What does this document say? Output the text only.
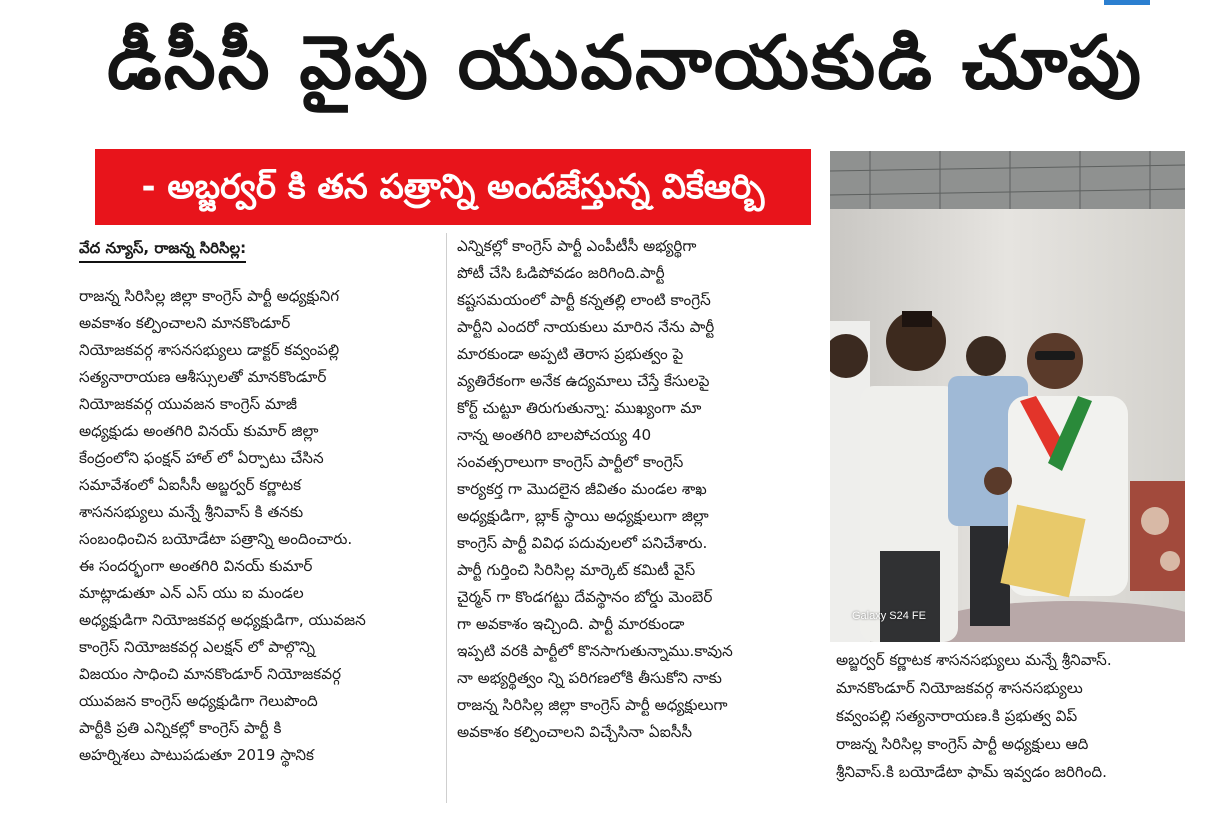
డీసీసీ వైపు యువనాయకుడి చూపు
- అబ్జర్వర్ కి తన పత్రాన్ని అందజేస్తున్న వికేఆర్బి
వేద న్యూస్, రాజన్న సిరిసిల్ల:

రాజన్న సిరిసిల్ల జిల్లా కాంగ్రెస్ పార్టీ అధ్యక్షునిగ

అవకాశం కల్పించాలని మానకొండూర్

నియోజకవర్గ శాసనసభ్యులు డాక్టర్ కవ్వంపల్లి

సత్యనారాయణ ఆశీస్సులతో మానకొండూర్

నియోజకవర్గ యువజన కాంగ్రెస్ మాజీ

అధ్యక్షుడు అంతగిరి వినయ్ కుమార్ జిల్లా

కేంద్రంలోని ఫంక్షన్ హాల్ లో ఏర్పాటు చేసిన

సమావేశంలో ఏఐసీసీ అబ్జర్వర్ కర్ణాటక

శాసనసభ్యులు మన్నే శ్రీనివాస్ కి తనకు

సంబంధించిన బయోడేటా పత్రాన్ని అందించారు.

ఈ సందర్భంగా అంతగిరి వినయ్ కుమార్

మాట్లాడుతూ ఎన్ ఎస్ యు ఐ మండల

అధ్యక్షుడిగా నియోజకవర్గ అధ్యక్షుడిగా, యువజన

కాంగ్రెస్ నియోజకవర్గ ఎలక్షన్ లో పాల్గొన్ని

విజయం సాధించి మానకొండూర్ నియోజకవర్గ

యువజన కాంగ్రెస్ అధ్యక్షుడిగా గెలుపొంది

పార్టీకి ప్రతి ఎన్నికల్లో కాంగ్రెస్ పార్టీ కి

అహర్నిశలు పాటుపడుతూ 2019 స్థానిక

ఎన్నికల్లో కాంగ్రెస్ పార్టీ ఎంపీటీసీ అభ్యర్థిగా

పోటీ చేసి ఓడిపోవడం జరిగింది.పార్టీ

కష్టసమయంలో పార్టీ కన్నతల్లి లాంటి కాంగ్రెస్

పార్టీని ఎందరో నాయకులు మారిన నేను పార్టీ

మారకుండా అప్పటి తెరాస ప్రభుత్వం పై

వ్యతిరేకంగా అనేక ఉద్యమాలు చేస్తే కేసులపై

కోర్ట్ చుట్టూ తిరుగుతున్నా: ముఖ్యంగా మా

నాన్న అంతగిరి బాలపోచయ్య 40

సంవత్సరాలుగా కాంగ్రెస్ పార్టీలో కాంగ్రెస్

కార్యకర్త గా మొదలైన జీవితం మండల శాఖ

అధ్యక్షుడిగా, బ్లాక్ స్థాయి అధ్యక్షులుగా జిల్లా

కాంగ్రెస్ పార్టీ వివిధ పదువులలో పనిచేశారు.

పార్టీ గుర్తించి సిరిసిల్ల మార్కెట్ కమిటీ వైస్

చైర్మన్ గా కొండగట్టు దేవస్థానం బోర్డు మెంబెర్

గా అవకాశం ఇచ్చింది. పార్టీ మారకుండా

ఇప్పటి వరకి పార్టీలో కొనసాగుతున్నాము.కావున

నా అభ్యర్థిత్వం న్ని పరిగణలోకి తీసుకోని నాకు

రాజన్న సిరిసిల్ల జిల్లా కాంగ్రెస్ పార్టీ అధ్యక్షులుగా

అవకాశం కల్పించాలని విచ్చేసినా ఏఐసీసీ

Galaxy S24 FE

అబ్జర్వర్ కర్ణాటక శాసనసభ్యులు మన్నే శ్రీనివాస్.

మానకొండూర్ నియోజకవర్గ శాసనసభ్యులు

కవ్వంపల్లి సత్యనారాయణ.కి ప్రభుత్వ విప్

రాజన్న సిరిసిల్ల కాంగ్రెస్ పార్టీ అధ్యక్షులు ఆది

శ్రీనివాస్.కి బయోడేటా ఫామ్ ఇవ్వడం జరిగింది.
